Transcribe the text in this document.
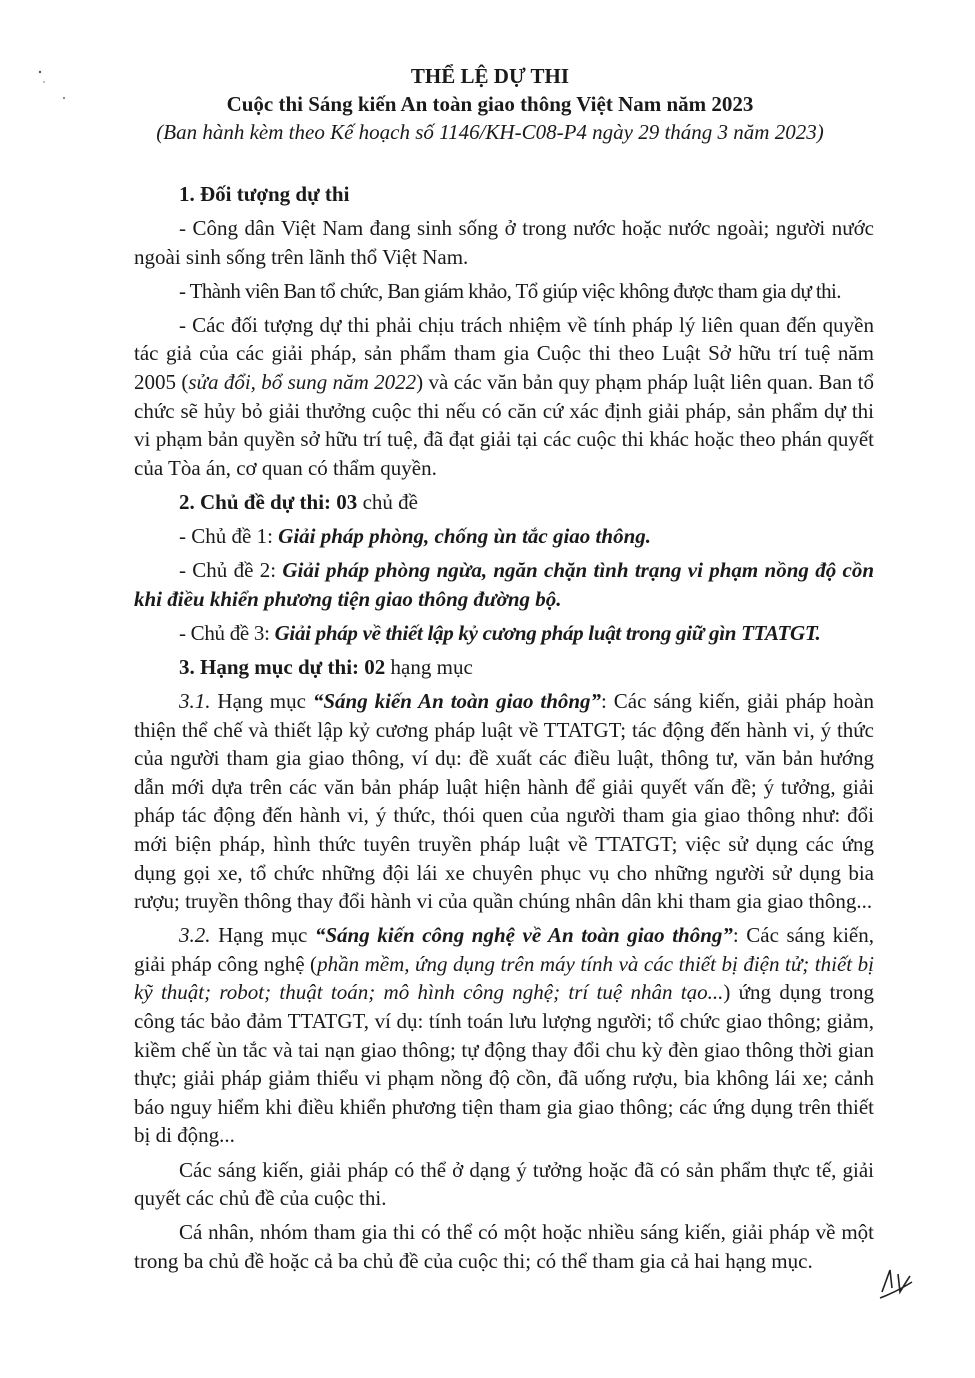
THỂ LỆ DỰ THI
Cuộc thi Sáng kiến An toàn giao thông Việt Nam năm 2023
(Ban hành kèm theo Kế hoạch số 1146/KH-C08-P4 ngày 29 tháng 3 năm 2023)

1. Đối tượng dự thi

- Công dân Việt Nam đang sinh sống ở trong nước hoặc nước ngoài; người nước ngoài sinh sống trên lãnh thổ Việt Nam.

- Thành viên Ban tổ chức, Ban giám khảo, Tổ giúp việc không được tham gia dự thi.

- Các đối tượng dự thi phải chịu trách nhiệm về tính pháp lý liên quan đến quyền tác giả của các giải pháp, sản phẩm tham gia Cuộc thi theo Luật Sở hữu trí tuệ năm 2005 (sửa đổi, bổ sung năm 2022) và các văn bản quy phạm pháp luật liên quan. Ban tổ chức sẽ hủy bỏ giải thưởng cuộc thi nếu có căn cứ xác định giải pháp, sản phẩm dự thi vi phạm bản quyền sở hữu trí tuệ, đã đạt giải tại các cuộc thi khác hoặc theo phán quyết của Tòa án, cơ quan có thẩm quyền.

2. Chủ đề dự thi: 03 chủ đề

- Chủ đề 1: Giải pháp phòng, chống ùn tắc giao thông.

- Chủ đề 2: Giải pháp phòng ngừa, ngăn chặn tình trạng vi phạm nồng độ cồn khi điều khiển phương tiện giao thông đường bộ.

- Chủ đề 3: Giải pháp về thiết lập kỷ cương pháp luật trong giữ gìn TTATGT.

3. Hạng mục dự thi: 02 hạng mục

3.1. Hạng mục “Sáng kiến An toàn giao thông”: Các sáng kiến, giải pháp hoàn thiện thể chế và thiết lập kỷ cương pháp luật về TTATGT; tác động đến hành vi, ý thức của người tham gia giao thông, ví dụ: đề xuất các điều luật, thông tư, văn bản hướng dẫn mới dựa trên các văn bản pháp luật hiện hành để giải quyết vấn đề; ý tưởng, giải pháp tác động đến hành vi, ý thức, thói quen của người tham gia giao thông như: đổi mới biện pháp, hình thức tuyên truyền pháp luật về TTATGT; việc sử dụng các ứng dụng gọi xe, tổ chức những đội lái xe chuyên phục vụ cho những người sử dụng bia rượu; truyền thông thay đổi hành vi của quần chúng nhân dân khi tham gia giao thông...

3.2. Hạng mục “Sáng kiến công nghệ về An toàn giao thông”: Các sáng kiến, giải pháp công nghệ (phần mềm, ứng dụng trên máy tính và các thiết bị điện tử; thiết bị kỹ thuật; robot; thuật toán; mô hình công nghệ; trí tuệ nhân tạo...) ứng dụng trong công tác bảo đảm TTATGT, ví dụ: tính toán lưu lượng người; tổ chức giao thông; giảm, kiềm chế ùn tắc và tai nạn giao thông; tự động thay đổi chu kỳ đèn giao thông thời gian thực; giải pháp giảm thiểu vi phạm nồng độ cồn, đã uống rượu, bia không lái xe; cảnh báo nguy hiểm khi điều khiển phương tiện tham gia giao thông; các ứng dụng trên thiết bị di động...

Các sáng kiến, giải pháp có thể ở dạng ý tưởng hoặc đã có sản phẩm thực tế, giải quyết các chủ đề của cuộc thi.

Cá nhân, nhóm tham gia thi có thể có một hoặc nhiều sáng kiến, giải pháp về một trong ba chủ đề hoặc cả ba chủ đề của cuộc thi; có thể tham gia cả hai hạng mục.
